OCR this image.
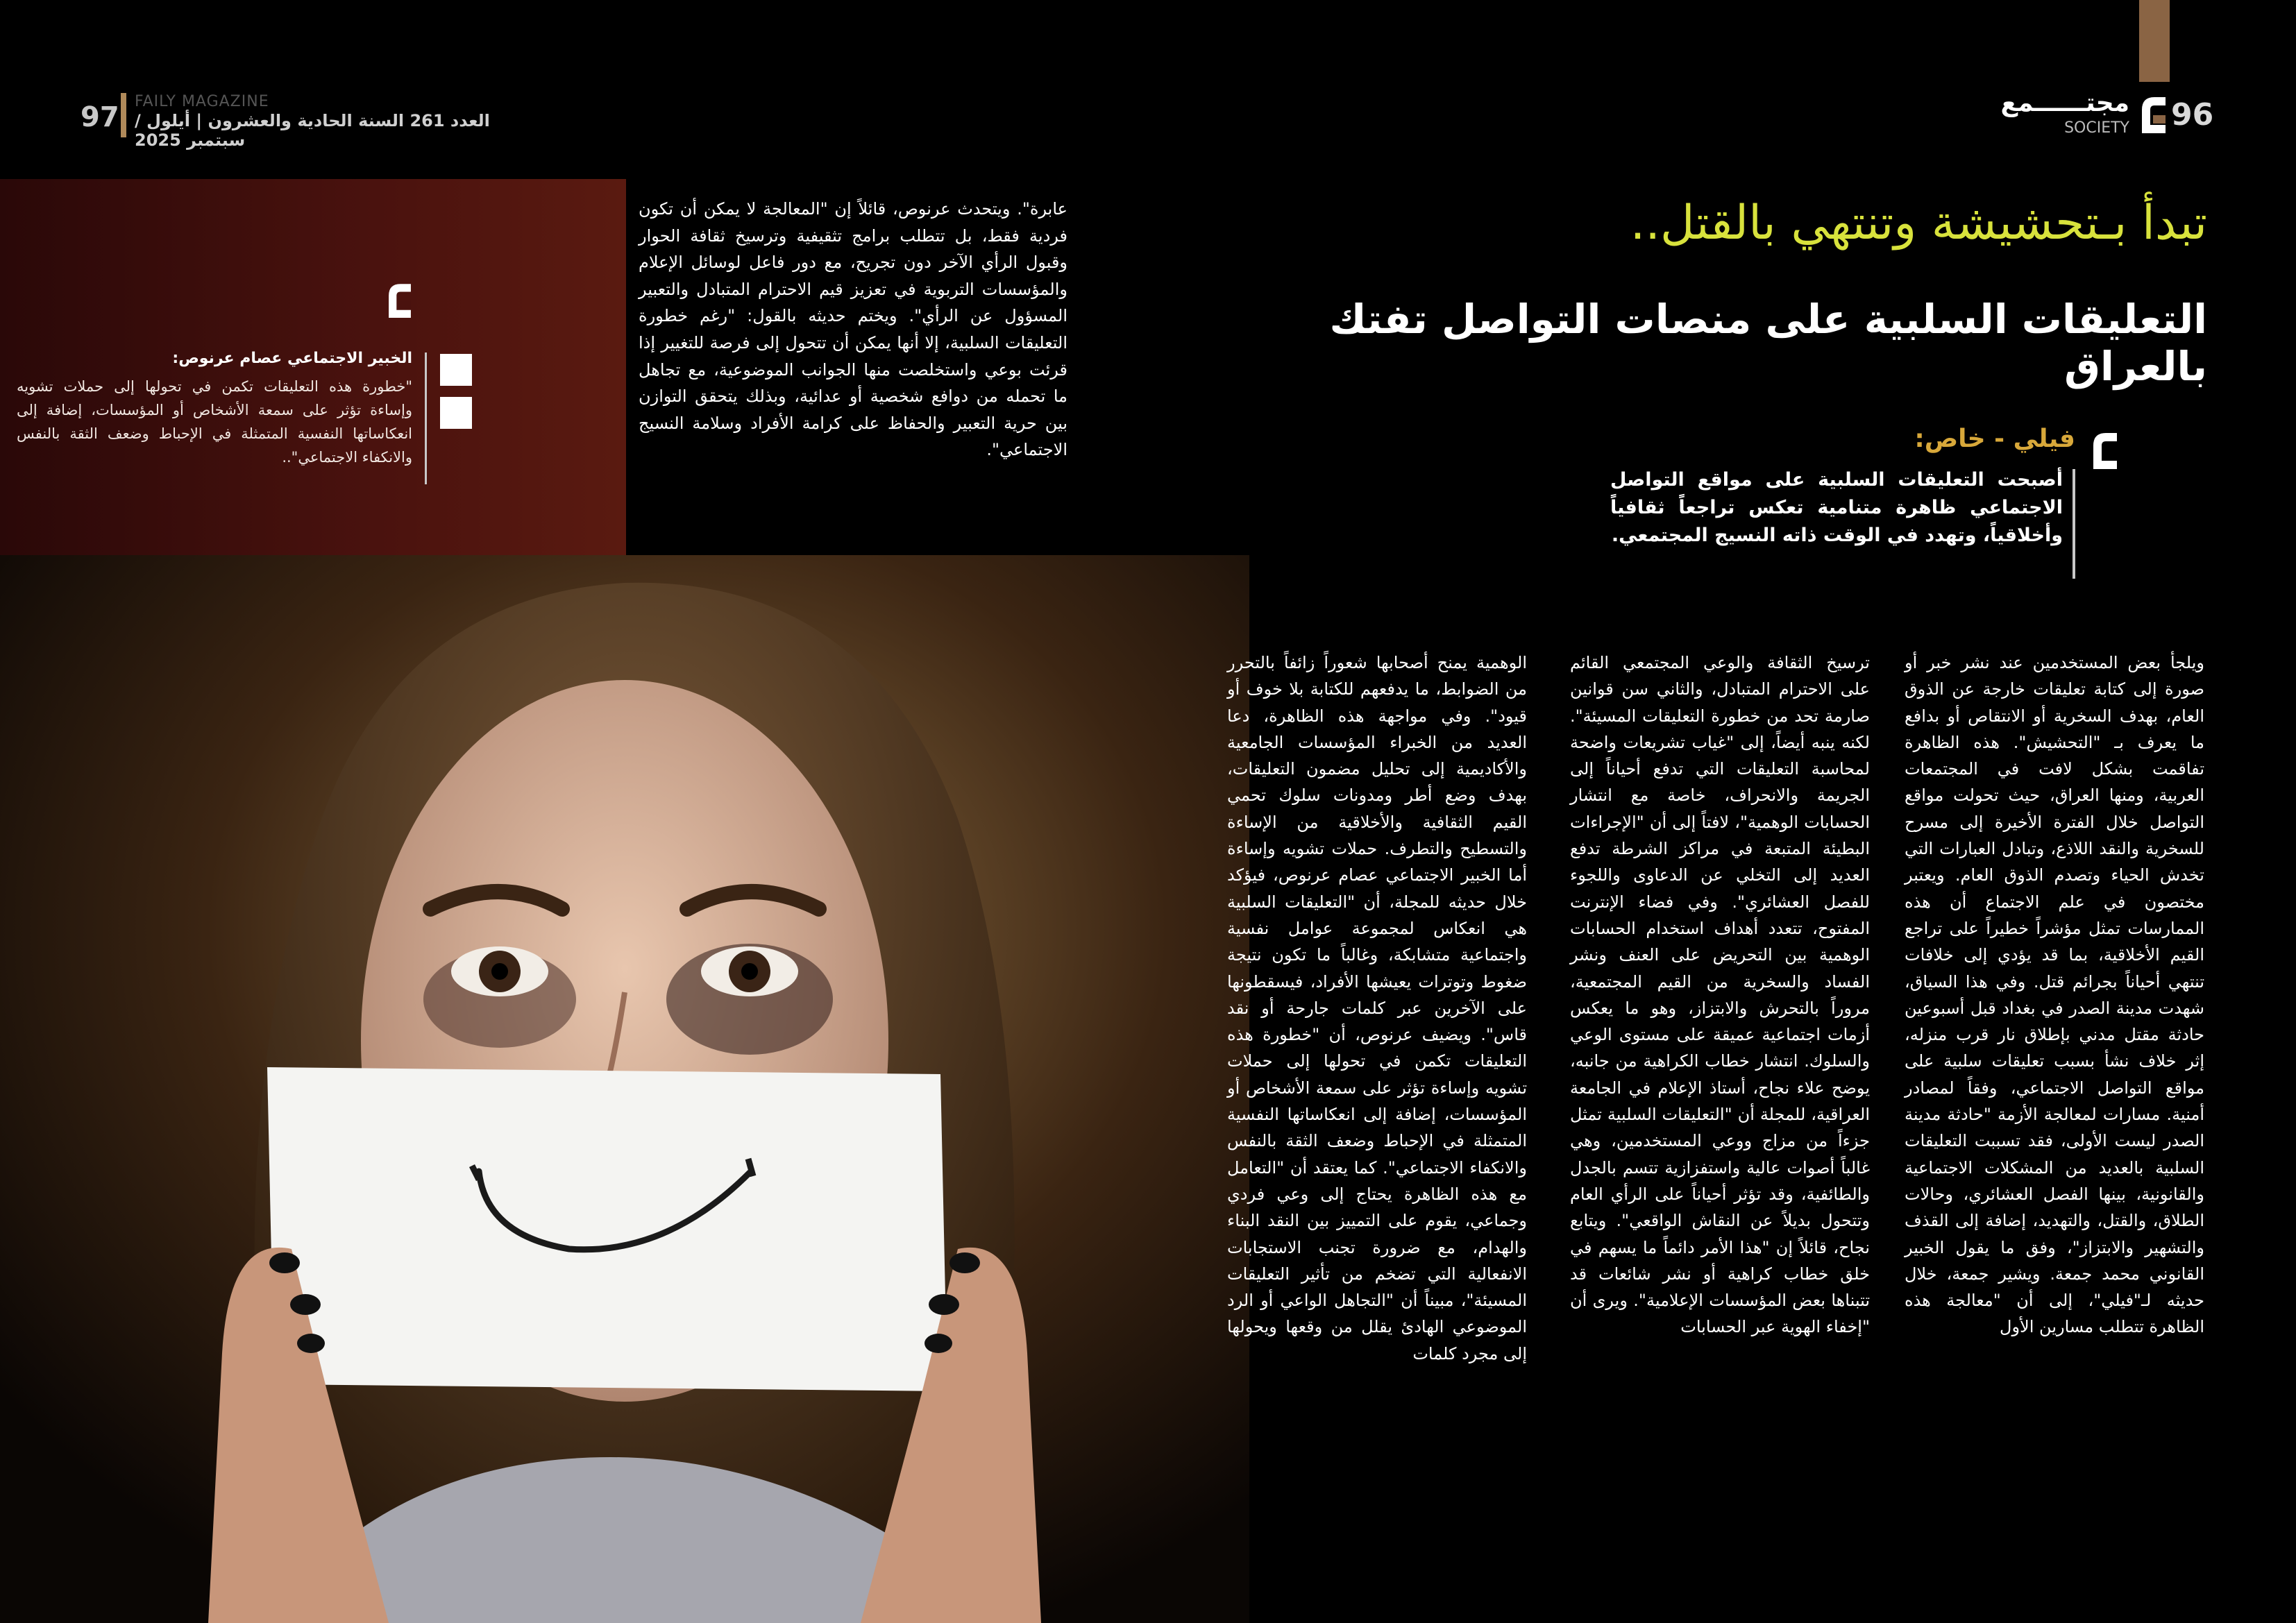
96
مجتــــــمع
SOCIETY
97 FAILY MAGAZINE
العدد 261 السنة الحادية والعشرون | أيلول / سبتمبر 2025
الخبير الاجتماعي عصام عرنوص:
"خطورة هذه التعليقات تكمن في تحولها إلى حملات تشويه وإساءة تؤثر على سمعة الأشخاص أو المؤسسات، إضافة إلى انعكاساتها النفسية المتمثلة في الإحباط وضعف الثقة بالنفس والانكفاء الاجتماعي"..
عابرة". ويتحدث عرنوص، قائلاً إن "المعالجة لا يمكن أن تكون فردية فقط، بل تتطلب برامج تثقيفية وترسيخ ثقافة الحوار وقبول الرأي الآخر دون تجريح، مع دور فاعل لوسائل الإعلام والمؤسسات التربوية في تعزيز قيم الاحترام المتبادل والتعبير المسؤول عن الرأي". ويختم حديثه بالقول: "رغم خطورة التعليقات السلبية، إلا أنها يمكن أن تتحول إلى فرصة للتغيير إذا قرئت بوعي واستخلصت منها الجوانب الموضوعية، مع تجاهل ما تحمله من دوافع شخصية أو عدائية، وبذلك يتحقق التوازن بين حرية التعبير والحفاظ على كرامة الأفراد وسلامة النسيج الاجتماعي".
تبدأ بـتحشيشة وتنتهي بالقتل..
التعليقات السلبية على منصات التواصل تفتك بالعراق
فيلي - خاص:
أصبحت التعليقات السلبية على مواقع التواصل الاجتماعي ظاهرة متنامية تعكس تراجعاً ثقافياً وأخلاقياً، وتهدد في الوقت ذاته النسيج المجتمعي.
ويلجأ بعض المستخدمين عند نشر خبر أو صورة إلى كتابة تعليقات خارجة عن الذوق العام، بهدف السخرية أو الانتقاص أو بدافع ما يعرف بـ "التحشيش". هذه الظاهرة تفاقمت بشكل لافت في المجتمعات العربية، ومنها العراق، حيث تحولت مواقع التواصل خلال الفترة الأخيرة إلى مسرح للسخرية والنقد اللاذع، وتبادل العبارات التي تخدش الحياء وتصدم الذوق العام. ويعتبر مختصون في علم الاجتماع أن هذه الممارسات تمثل مؤشراً خطيراً على تراجع القيم الأخلاقية، بما قد يؤدي إلى خلافات تنتهي أحياناً بجرائم قتل. وفي هذا السياق، شهدت مدينة الصدر في بغداد قبل أسبوعين حادثة مقتل مدني بإطلاق نار قرب منزله، إثر خلاف نشأ بسبب تعليقات سلبية على مواقع التواصل الاجتماعي، وفقاً لمصادر أمنية. مسارات لمعالجة الأزمة "حادثة مدينة الصدر ليست الأولى، فقد تسببت التعليقات السلبية بالعديد من المشكلات الاجتماعية والقانونية، بينها الفصل العشائري، وحالات الطلاق، والقتل، والتهديد، إضافة إلى القذف والتشهير والابتزاز"، وفق ما يقول الخبير القانوني محمد جمعة. ويشير جمعة، خلال حديثه لـ"فيلي"، إلى أن "معالجة هذه الظاهرة تتطلب مسارين الأول
ترسيخ الثقافة والوعي المجتمعي القائم على الاحترام المتبادل، والثاني سن قوانين صارمة تحد من خطورة التعليقات المسيئة". لكنه ينبه أيضاً، إلى "غياب تشريعات واضحة لمحاسبة التعليقات التي تدفع أحياناً إلى الجريمة والانحراف، خاصة مع انتشار الحسابات الوهمية"، لافتاً إلى أن "الإجراءات البطيئة المتبعة في مراكز الشرطة تدفع العديد إلى التخلي عن الدعاوى واللجوء للفصل العشائري". وفي فضاء الإنترنت المفتوح، تتعدد أهداف استخدام الحسابات الوهمية بين التحريض على العنف ونشر الفساد والسخرية من القيم المجتمعية، مروراً بالتحرش والابتزاز، وهو ما يعكس أزمات اجتماعية عميقة على مستوى الوعي والسلوك. انتشار خطاب الكراهية من جانبه، يوضح علاء نجاح، أستاذ الإعلام في الجامعة العراقية، للمجلة أن "التعليقات السلبية تمثل جزءاً من مزاج ووعي المستخدمين، وهي غالباً أصوات عالية واستفزازية تتسم بالجدل والطائفية، وقد تؤثر أحياناً على الرأي العام وتتحول بديلاً عن النقاش الواقعي". ويتابع نجاح، قائلاً إن "هذا الأمر دائماً ما يسهم في خلق خطاب كراهية أو نشر شائعات قد تتبناها بعض المؤسسات الإعلامية". ويرى أن "إخفاء الهوية عبر الحسابات
الوهمية يمنح أصحابها شعوراً زائفاً بالتحرر من الضوابط، ما يدفعهم للكتابة بلا خوف أو قيود". وفي مواجهة هذه الظاهرة، دعا العديد من الخبراء المؤسسات الجامعية والأكاديمية إلى تحليل مضمون التعليقات، بهدف وضع أطر ومدونات سلوك تحمي القيم الثقافية والأخلاقية من الإساءة والتسطيح والتطرف. حملات تشويه وإساءة أما الخبير الاجتماعي عصام عرنوص، فيؤكد خلال حديثه للمجلة، أن "التعليقات السلبية هي انعكاس لمجموعة عوامل نفسية واجتماعية متشابكة، وغالباً ما تكون نتيجة ضغوط وتوترات يعيشها الأفراد، فيسقطونها على الآخرين عبر كلمات جارحة أو نقد قاس". ويضيف عرنوص، أن "خطورة هذه التعليقات تكمن في تحولها إلى حملات تشويه وإساءة تؤثر على سمعة الأشخاص أو المؤسسات، إضافة إلى انعكاساتها النفسية المتمثلة في الإحباط وضعف الثقة بالنفس والانكفاء الاجتماعي". كما يعتقد أن "التعامل مع هذه الظاهرة يحتاج إلى وعي فردي وجماعي، يقوم على التمييز بين النقد البناء والهدام، مع ضرورة تجنب الاستجابات الانفعالية التي تضخم من تأثير التعليقات المسيئة"، مبيناً أن "التجاهل الواعي أو الرد الموضوعي الهادئ يقلل من وقعها ويحولها إلى مجرد كلمات
